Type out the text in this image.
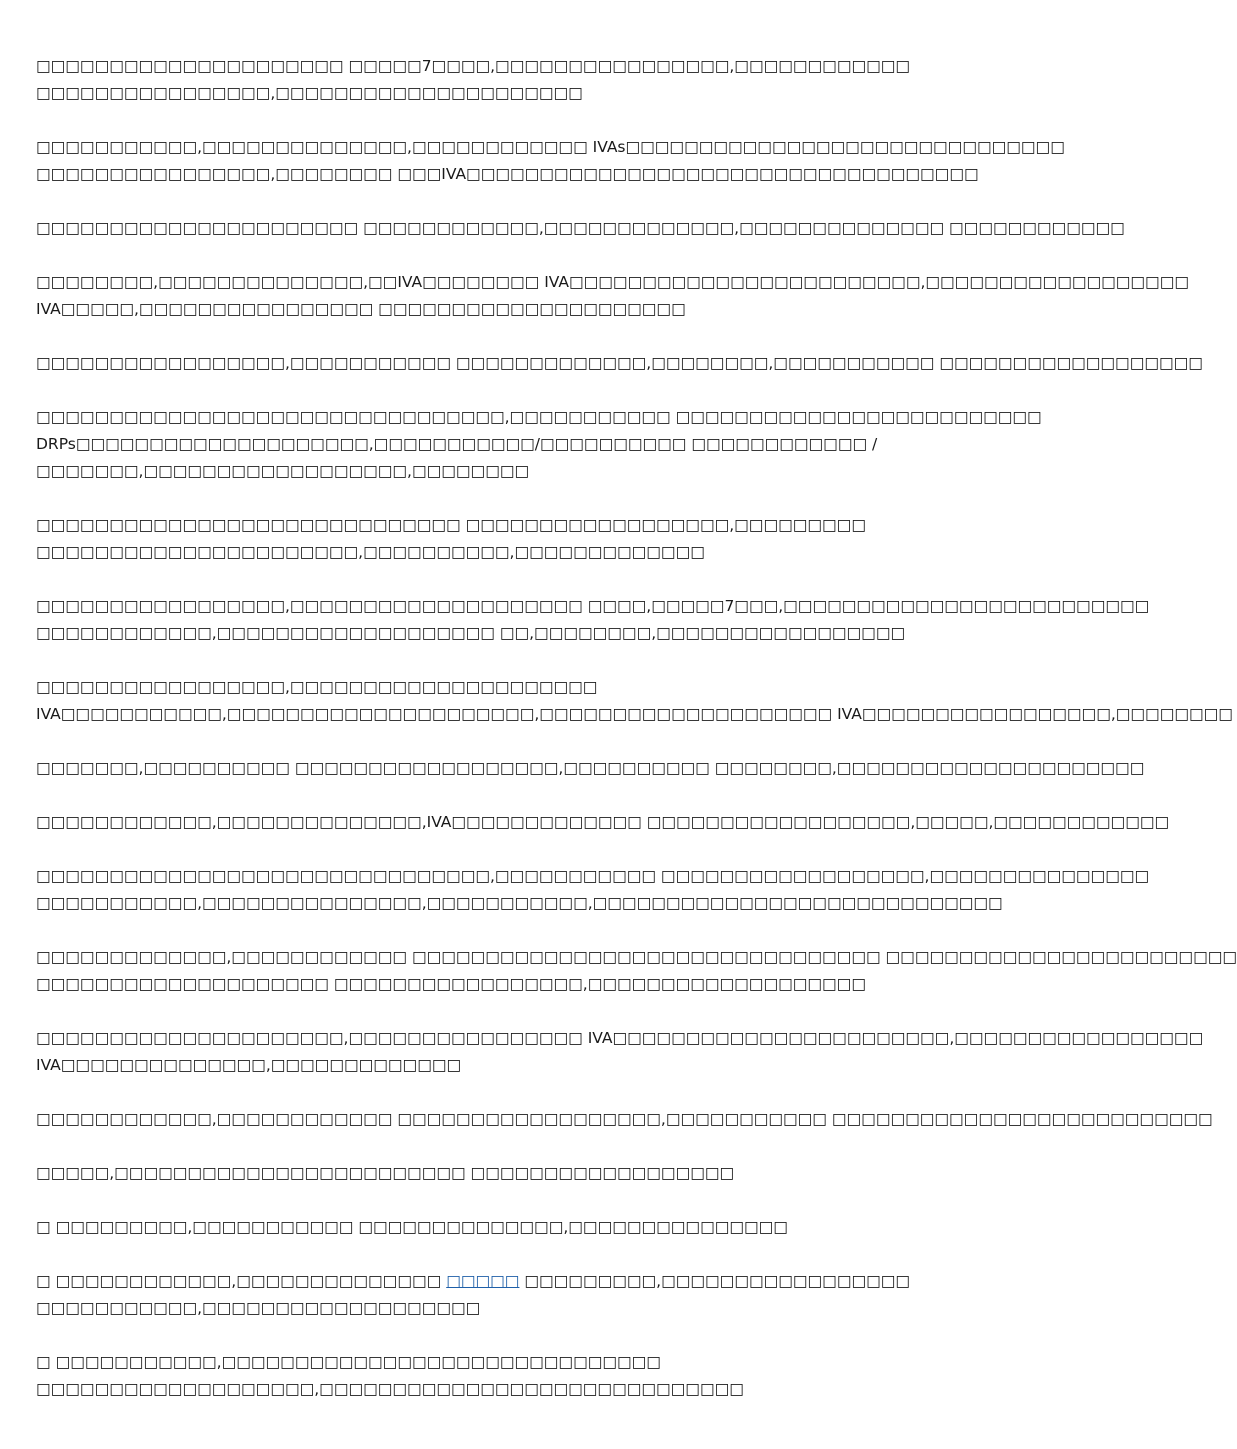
□□□□□□□□□□□□□□□□□□□□□ □□□□□7□□□□,□□□□□□□□□□□□□□□□,□□□□□□□□□□□□
□□□□□□□□□□□□□□□□,□□□□□□□□□□□□□□□□□□□□□
□□□□□□□□□□□,□□□□□□□□□□□□□□,□□□□□□□□□□□□ IVAs□□□□□□□□□□□□□□□□□□□□□□□□□□□□□□
□□□□□□□□□□□□□□□□,□□□□□□□□ □□□IVA□□□□□□□□□□□□□□□□□□□□□□□□□□□□□□□□□□□
□□□□□□□□□□□□□□□□□□□□□□ □□□□□□□□□□□□,□□□□□□□□□□□□□,□□□□□□□□□□□□□□ □□□□□□□□□□□□
□□□□□□□□,□□□□□□□□□□□□□□,□□IVA□□□□□□□□ IVA□□□□□□□□□□□□□□□□□□□□□□□□,□□□□□□□□□□□□□□□□□□
IVA□□□□□,□□□□□□□□□□□□□□□□ □□□□□□□□□□□□□□□□□□□□□
□□□□□□□□□□□□□□□□□,□□□□□□□□□□□ □□□□□□□□□□□□□,□□□□□□□□,□□□□□□□□□□□ □□□□□□□□□□□□□□□□□□
□□□□□□□□□□□□□□□□□□□□□□□□□□□□□□□□,□□□□□□□□□□□ □□□□□□□□□□□□□□□□□□□□□□□□□
DRPs□□□□□□□□□□□□□□□□□□□□,□□□□□□□□□□□/□□□□□□□□□□ □□□□□□□□□□□□ /
□□□□□□□,□□□□□□□□□□□□□□□□□□,□□□□□□□□
□□□□□□□□□□□□□□□□□□□□□□□□□□□□□ □□□□□□□□□□□□□□□□□□,□□□□□□□□□
□□□□□□□□□□□□□□□□□□□□□□,□□□□□□□□□□,□□□□□□□□□□□□□
□□□□□□□□□□□□□□□□□,□□□□□□□□□□□□□□□□□□□□ □□□□,□□□□□7□□□,□□□□□□□□□□□□□□□□□□□□□□□□□
□□□□□□□□□□□□,□□□□□□□□□□□□□□□□□□□ □□,□□□□□□□□,□□□□□□□□□□□□□□□□□
□□□□□□□□□□□□□□□□□,□□□□□□□□□□□□□□□□□□□□□
IVA□□□□□□□□□□□,□□□□□□□□□□□□□□□□□□□□□,□□□□□□□□□□□□□□□□□□□□ IVA□□□□□□□□□□□□□□□□□,□□□□□□□□
□□□□□□□,□□□□□□□□□□ □□□□□□□□□□□□□□□□□□,□□□□□□□□□□ □□□□□□□□,□□□□□□□□□□□□□□□□□□□□□
□□□□□□□□□□□□,□□□□□□□□□□□□□□,IVA□□□□□□□□□□□□□ □□□□□□□□□□□□□□□□□□,□□□□□,□□□□□□□□□□□□
□□□□□□□□□□□□□□□□□□□□□□□□□□□□□□□,□□□□□□□□□□□ □□□□□□□□□□□□□□□□□□,□□□□□□□□□□□□□□□
□□□□□□□□□□□,□□□□□□□□□□□□□□□,□□□□□□□□□□□,□□□□□□□□□□□□□□□□□□□□□□□□□□□□
□□□□□□□□□□□□□,□□□□□□□□□□□□ □□□□□□□□□□□□□□□□□□□□□□□□□□□□□□□□ □□□□□□□□□□□□□□□□□□□□□□□□
□□□□□□□□□□□□□□□□□□□□ □□□□□□□□□□□□□□□□□,□□□□□□□□□□□□□□□□□□□
□□□□□□□□□□□□□□□□□□□□□,□□□□□□□□□□□□□□□□ IVA□□□□□□□□□□□□□□□□□□□□□□□,□□□□□□□□□□□□□□□□□
IVA□□□□□□□□□□□□□□,□□□□□□□□□□□□□
□□□□□□□□□□□□,□□□□□□□□□□□□ □□□□□□□□□□□□□□□□□□,□□□□□□□□□□□ □□□□□□□□□□□□□□□□□□□□□□□□□□
□□□□□,□□□□□□□□□□□□□□□□□□□□□□□□ □□□□□□□□□□□□□□□□□□
□ □□□□□□□□□,□□□□□□□□□□□ □□□□□□□□□□□□□□,□□□□□□□□□□□□□□□
□ □□□□□□□□□□□□,□□□□□□□□□□□□□□ □□□□□ □□□□□□□□□,□□□□□□□□□□□□□□□□□
□□□□□□□□□□□,□□□□□□□□□□□□□□□□□□□
□ □□□□□□□□□□□,□□□□□□□□□□□□□□□□□□□□□□□□□□□□□□
□□□□□□□□□□□□□□□□□□□,□□□□□□□□□□□□□□□□□□□□□□□□□□□□□
